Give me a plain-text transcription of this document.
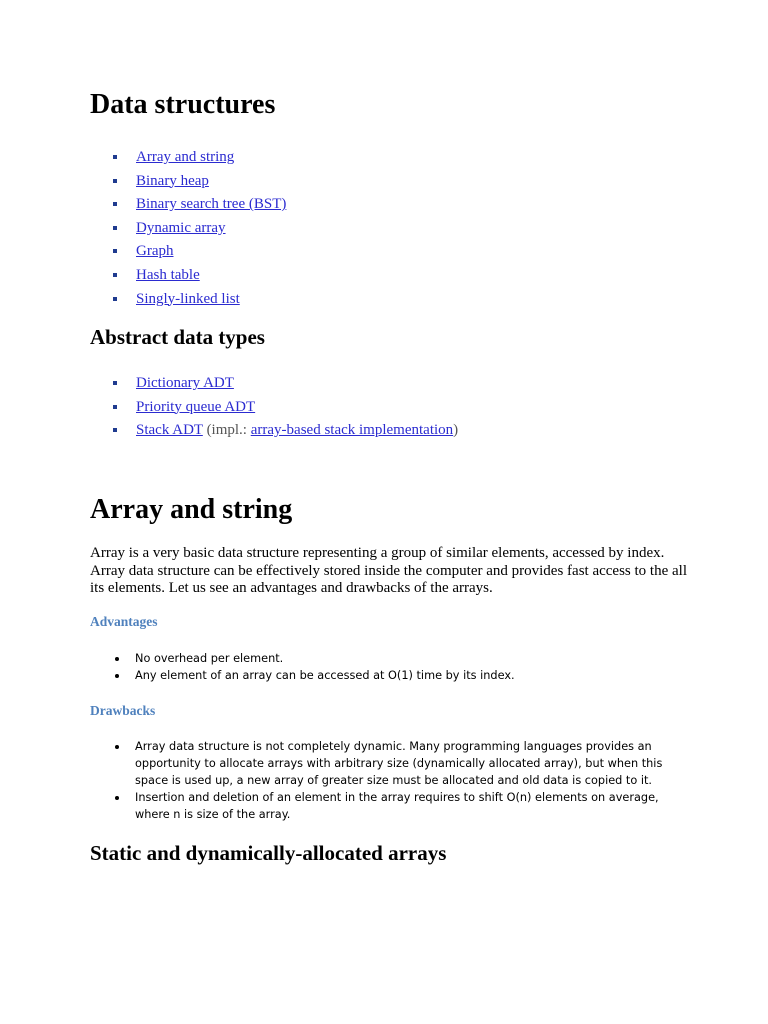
Data structures
Array and string
Binary heap
Binary search tree (BST)
Dynamic array
Graph
Hash table
Singly-linked list
Abstract data types
Dictionary ADT
Priority queue ADT
Stack ADT (impl.: array-based stack implementation)
Array and string

Array is a very basic data structure representing a group of similar elements, accessed by index. Array data structure can be effectively stored inside the computer and provides fast access to the all its elements. Let us see an advantages and drawbacks of the arrays.

Advantages
No overhead per element.
Any element of an array can be accessed at O(1) time by its index.
Drawbacks
Array data structure is not completely dynamic. Many programming languages provides an opportunity to allocate arrays with arbitrary size (dynamically allocated array), but when this space is used up, a new array of greater size must be allocated and old data is copied to it.
Insertion and deletion of an element in the array requires to shift O(n) elements on average, where n is size of the array.
Static and dynamically-allocated arrays
